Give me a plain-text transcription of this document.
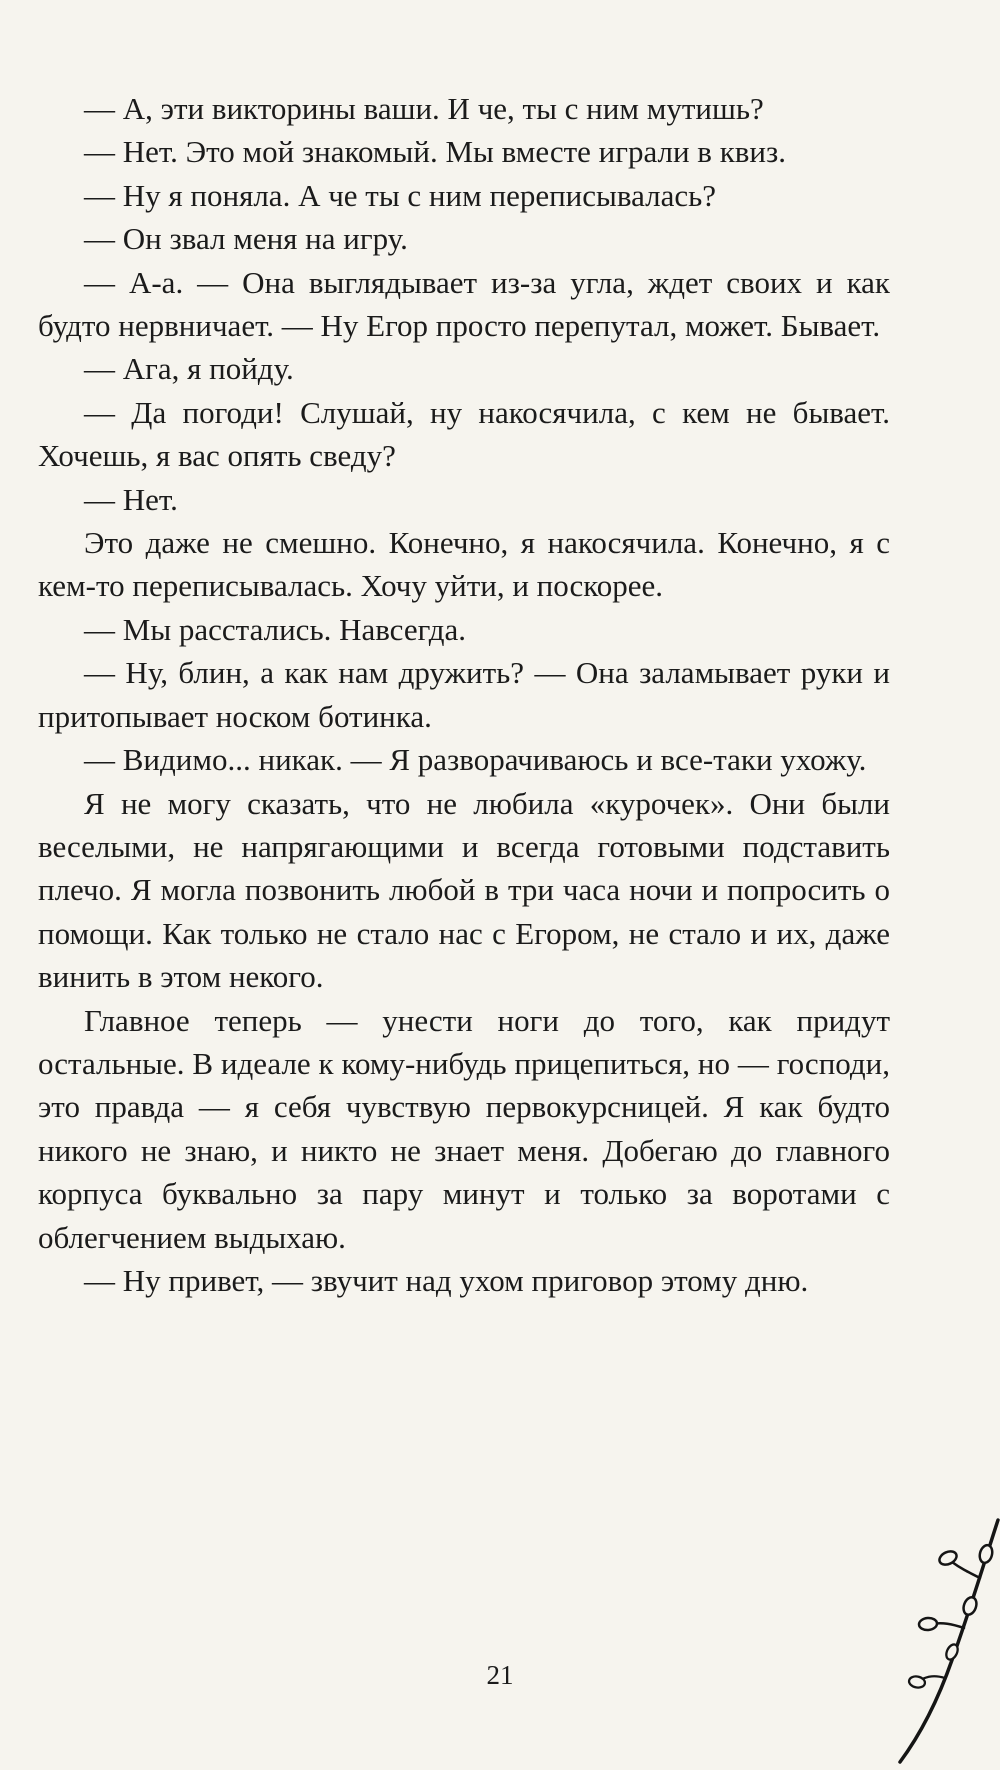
— А, эти викторины ваши. И че, ты с ним мутишь?

— Нет. Это мой знакомый. Мы вместе играли в квиз.

— Ну я поняла. А че ты с ним переписывалась?

— Он звал меня на игру.

— А-а. — Она выглядывает из-за угла, ждет своих и как будто нервничает. — Ну Егор просто перепутал, может. Бывает.

— Ага, я пойду.

— Да погоди! Слушай, ну накосячила, с кем не бывает. Хочешь, я вас опять сведу?

— Нет.

Это даже не смешно. Конечно, я накосячила. Конечно, я с кем-то переписывалась. Хочу уйти, и поскорее.

— Мы расстались. Навсегда.

— Ну, блин, а как нам дружить? — Она заламывает руки и притопывает носком ботинка.

— Видимо... никак. — Я разворачиваюсь и все-таки ухожу.

Я не могу сказать, что не любила «курочек». Они были веселыми, не напрягающими и всегда готовыми подставить плечо. Я могла позвонить любой в три часа ночи и попросить о помощи. Как только не стало нас с Егором, не стало и их, даже винить в этом некого.

Главное теперь — унести ноги до того, как придут остальные. В идеале к кому-нибудь прицепиться, но — господи, это правда — я себя чувствую первокурсницей. Я как будто никого не знаю, и никто не знает меня. Добегаю до главного корпуса буквально за пару минут и только за воротами с облегчением выдыхаю.

— Ну привет, — звучит над ухом приговор этому дню.

21
